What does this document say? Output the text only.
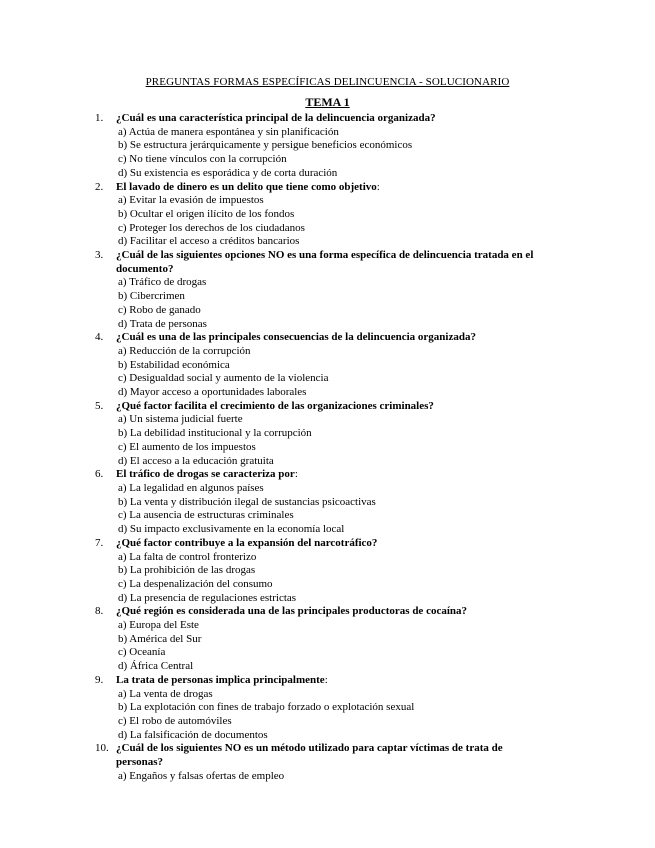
PREGUNTAS FORMAS ESPECÍFICAS DELINCUENCIA - SOLUCIONARIO
TEMA 1
1.	¿Cuál es una característica principal de la delincuencia organizada?
a) Actúa de manera espontánea y sin planificación
b) Se estructura jerárquicamente y persigue beneficios económicos
c) No tiene vínculos con la corrupción
d) Su existencia es esporádica y de corta duración
2.	El lavado de dinero es un delito que tiene como objetivo:
a) Evitar la evasión de impuestos
b) Ocultar el origen ilícito de los fondos
c) Proteger los derechos de los ciudadanos
d) Facilitar el acceso a créditos bancarios
3.	¿Cuál de las siguientes opciones NO es una forma específica de delincuencia tratada en el documento?
a) Tráfico de drogas
b) Cibercrimen
c) Robo de ganado
d) Trata de personas
4.	¿Cuál es una de las principales consecuencias de la delincuencia organizada?
a) Reducción de la corrupción
b) Estabilidad económica
c) Desigualdad social y aumento de la violencia
d) Mayor acceso a oportunidades laborales
5.	¿Qué factor facilita el crecimiento de las organizaciones criminales?
a) Un sistema judicial fuerte
b) La debilidad institucional y la corrupción
c) El aumento de los impuestos
d) El acceso a la educación gratuita
6.	El tráfico de drogas se caracteriza por:
a) La legalidad en algunos países
b) La venta y distribución ilegal de sustancias psicoactivas
c) La ausencia de estructuras criminales
d) Su impacto exclusivamente en la economía local
7.	¿Qué factor contribuye a la expansión del narcotráfico?
a) La falta de control fronterizo
b) La prohibición de las drogas
c) La despenalización del consumo
d) La presencia de regulaciones estrictas
8.	¿Qué región es considerada una de las principales productoras de cocaína?
a) Europa del Este
b) América del Sur
c) Oceanía
d) África Central
9.	La trata de personas implica principalmente:
a) La venta de drogas
b) La explotación con fines de trabajo forzado o explotación sexual
c) El robo de automóviles
d) La falsificación de documentos
10. ¿Cuál de los siguientes NO es un método utilizado para captar víctimas de trata de personas?
a) Engaños y falsas ofertas de empleo
